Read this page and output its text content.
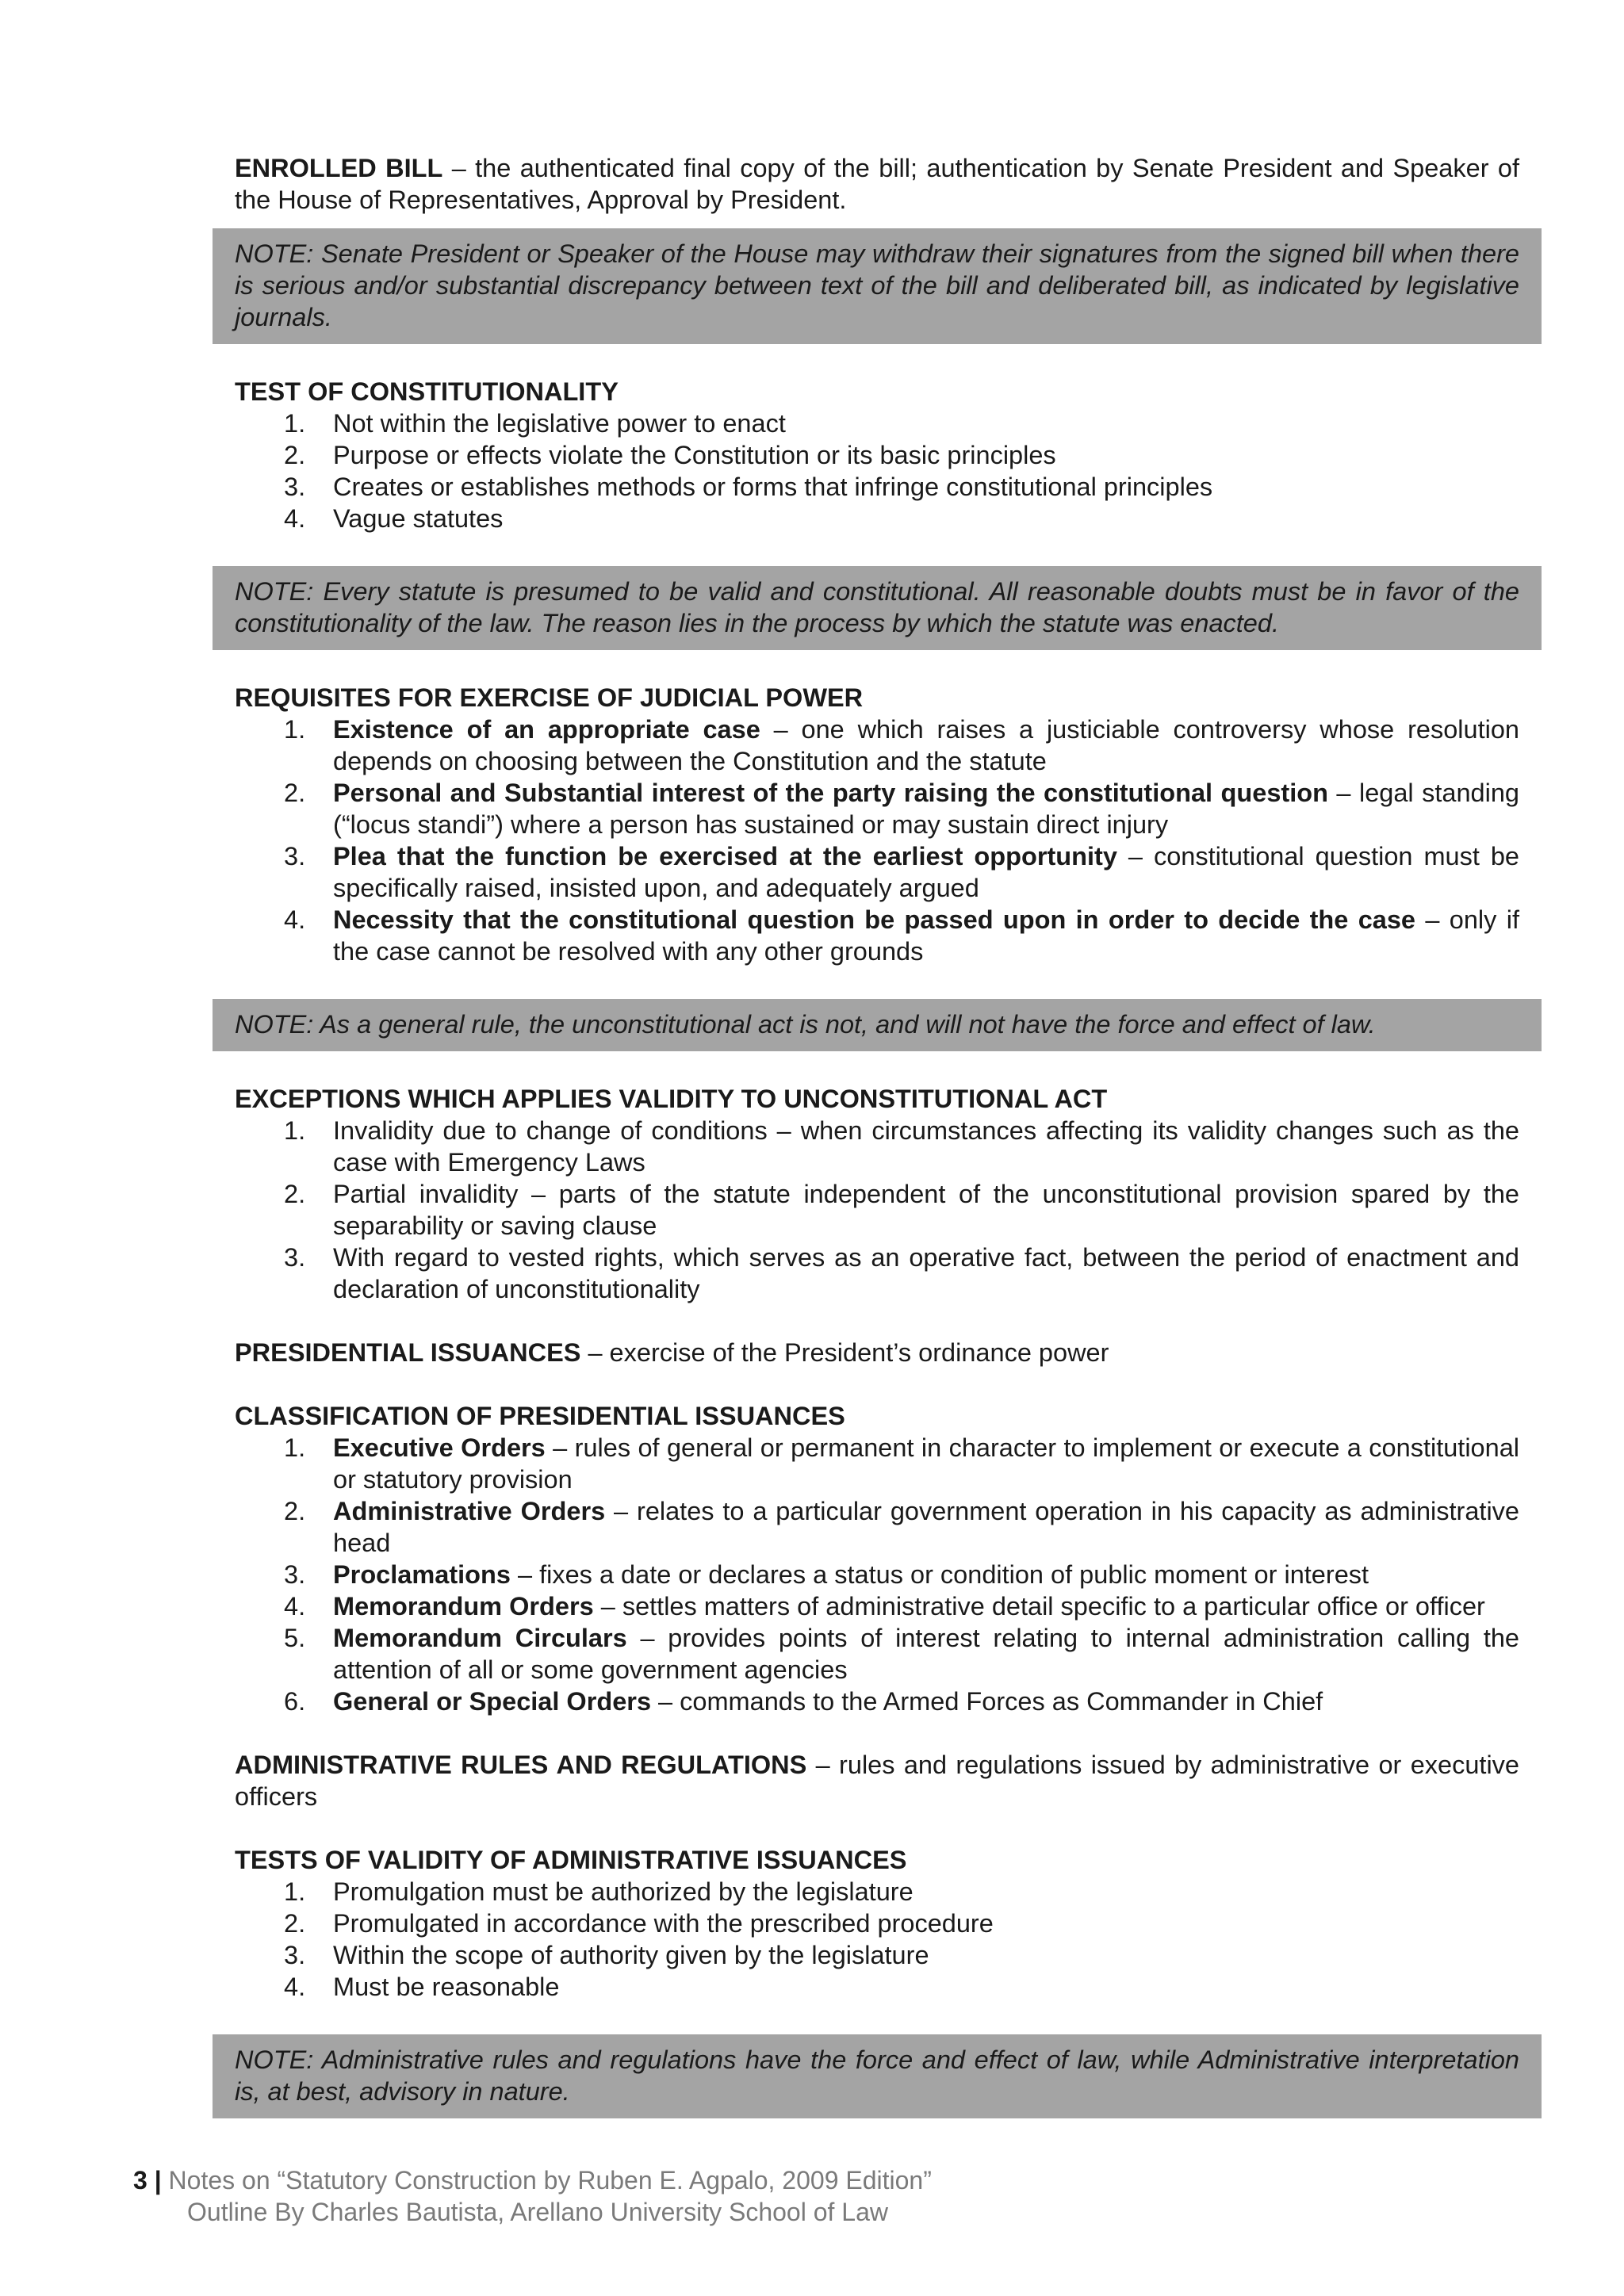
ENROLLED BILL – the authenticated final copy of the bill; authentication by Senate President and Speaker of the House of Representatives, Approval by President.

NOTE: Senate President or Speaker of the House may withdraw their signatures from the signed bill when there is serious and/or substantial discrepancy between text of the bill and deliberated bill, as indicated by legislative journals.

TEST OF CONSTITUTIONALITY

1. Not within the legislative power to enact
2. Purpose or effects violate the Constitution or its basic principles
3. Creates or establishes methods or forms that infringe constitutional principles
4. Vague statutes
NOTE: Every statute is presumed to be valid and constitutional. All reasonable doubts must be in favor of the constitutionality of the law. The reason lies in the process by which the statute was enacted.

REQUISITES FOR EXERCISE OF JUDICIAL POWER

1. Existence of an appropriate case – one which raises a justiciable controversy whose resolution depends on choosing between the Constitution and the statute
2. Personal and Substantial interest of the party raising the constitutional question – legal standing (“locus standi”) where a person has sustained or may sustain direct injury
3. Plea that the function be exercised at the earliest opportunity – constitutional question must be specifically raised, insisted upon, and adequately argued
4. Necessity that the constitutional question be passed upon in order to decide the case – only if the case cannot be resolved with any other grounds
NOTE: As a general rule, the unconstitutional act is not, and will not have the force and effect of law.

EXCEPTIONS WHICH APPLIES VALIDITY TO UNCONSTITUTIONAL ACT

1. Invalidity due to change of conditions – when circumstances affecting its validity changes such as the case with Emergency Laws
2. Partial invalidity – parts of the statute independent of the unconstitutional provision spared by the separability or saving clause
3. With regard to vested rights, which serves as an operative fact, between the period of enactment and declaration of unconstitutionality

PRESIDENTIAL ISSUANCES – exercise of the President’s ordinance power

CLASSIFICATION OF PRESIDENTIAL ISSUANCES

1. Executive Orders – rules of general or permanent in character to implement or execute a constitutional or statutory provision
2. Administrative Orders – relates to a particular government operation in his capacity as administrative head
3. Proclamations – fixes a date or declares a status or condition of public moment or interest
4. Memorandum Orders – settles matters of administrative detail specific to a particular office or officer
5. Memorandum Circulars – provides points of interest relating to internal administration calling the attention of all or some government agencies
6. General or Special Orders – commands to the Armed Forces as Commander in Chief

ADMINISTRATIVE RULES AND REGULATIONS – rules and regulations issued by administrative or executive officers

TESTS OF VALIDITY OF ADMINISTRATIVE ISSUANCES

1. Promulgation must be authorized by the legislature
2. Promulgated in accordance with the prescribed procedure
3. Within the scope of authority given by the legislature
4. Must be reasonable
NOTE: Administrative rules and regulations have the force and effect of law, while Administrative interpretation is, at best, advisory in nature.
3 | Notes on “Statutory Construction by Ruben E. Agpalo, 2009 Edition”
Outline By Charles Bautista, Arellano University School of Law
